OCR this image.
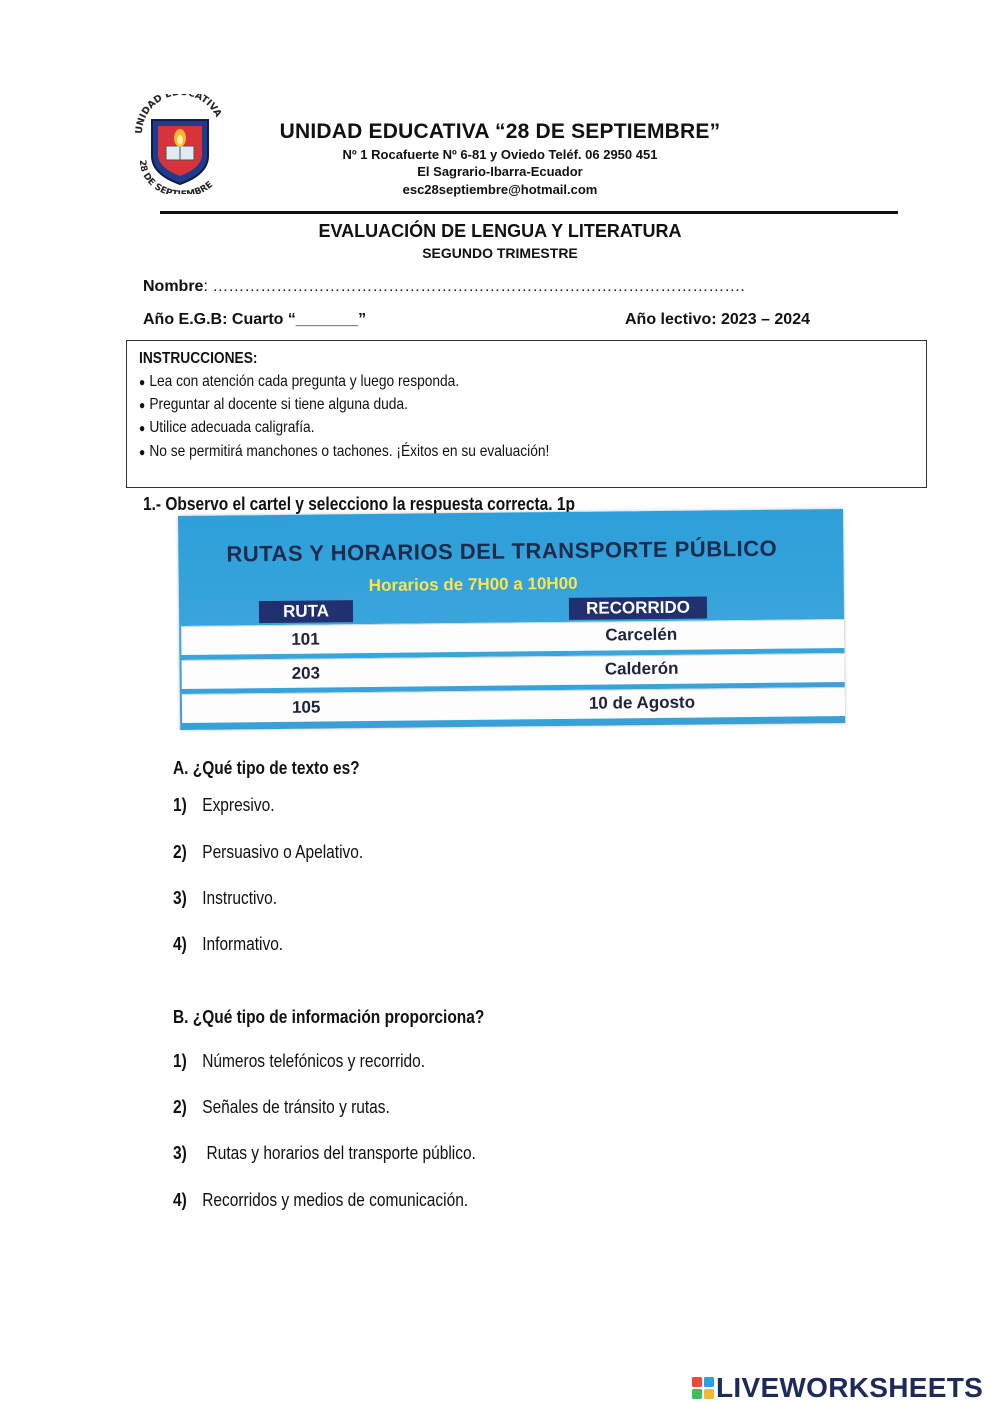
UNIDAD E ATIVA
28 DE SEP BRE
UNIDAD EDUCATIVA “28 DE SEPTIEMBRE”
Nº 1 Rocafuerte Nº 6-81 y Oviedo Teléf. 06 2950 451
El Sagrario-Ibarra-Ecuador
esc28septiembre@hotmail.com
EVALUACIÓN DE LENGUA Y LITERATURA
SEGUNDO TRIMESTRE
Nombre: ……………………………………………………………………………………….
Año E.G.B: Cuarto “_______”	Año lectivo: 2023 – 2024
INSTRUCCIONES:
● Lea con atención cada pregunta y luego responda.
● Preguntar al docente si tiene alguna duda.
● Utilice adecuada caligrafía.
● No se permitirá manchones o tachones. ¡Éxitos en su evaluación!
1.- Observo el cartel y selecciono la respuesta correcta. 1p
RUTAS Y HORARIOS DEL TRANSPORTE PÚBLICO
Horarios de 7H00 a 10H00
RUTA	RECORRIDO
101	Carcelén
203	Calderón
105	10 de Agosto
A. ¿Qué tipo de texto es?
1) Expresivo.
2) Persuasivo o Apelativo.
3) Instructivo.
4) Informativo.
B. ¿Qué tipo de información proporciona?
1) Números telefónicos y recorrido.
2) Señales de tránsito y rutas.
3) Rutas y horarios del transporte público.
4) Recorridos y medios de comunicación.
LIVEWORKSHEETS
